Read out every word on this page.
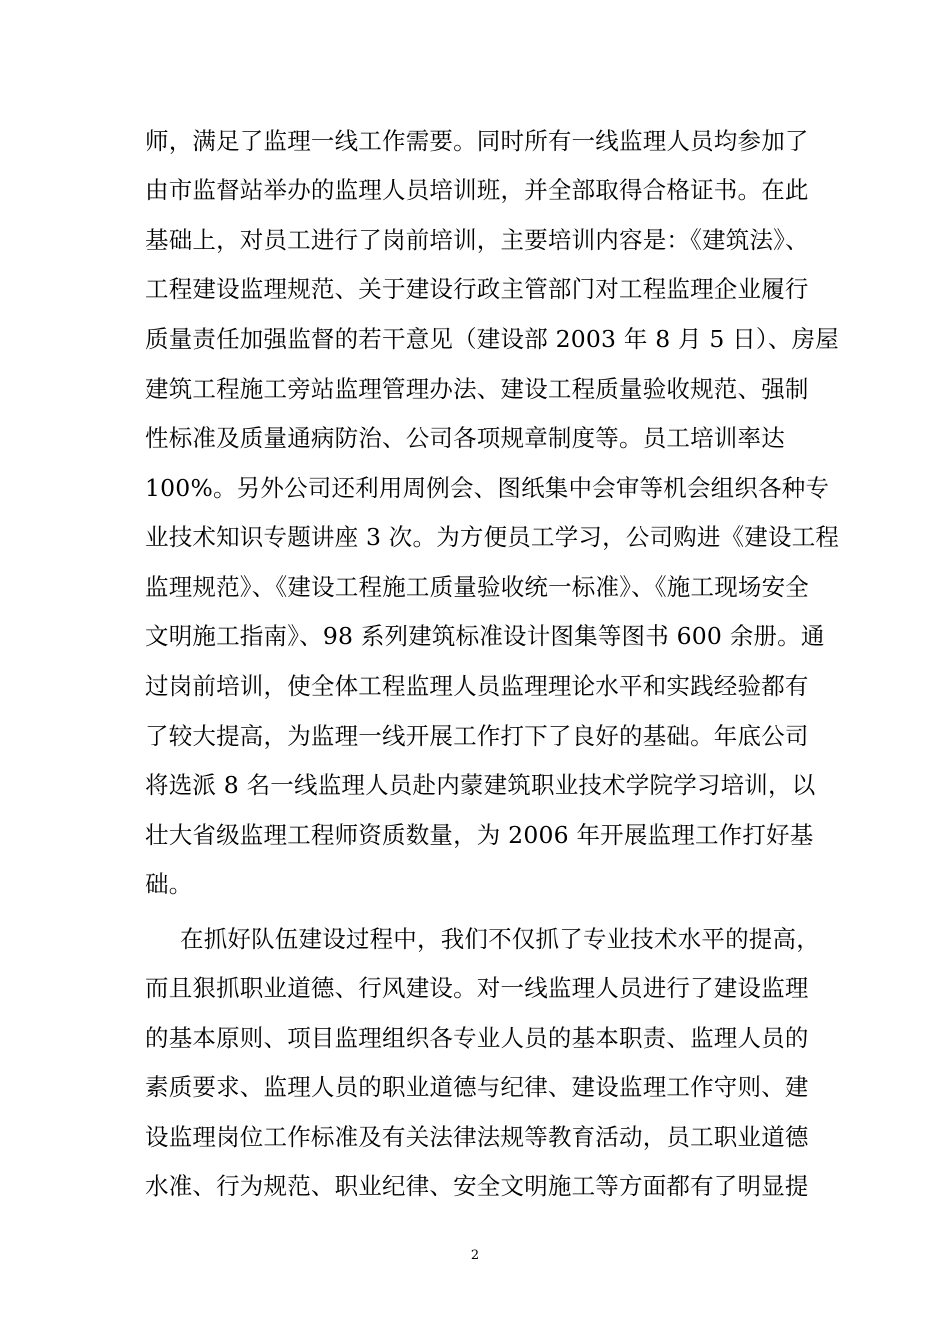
师，满足了监理一线工作需要。同时所有一线监理人员均参加了
由市监督站举办的监理人员培训班，并全部取得合格证书。在此
基础上，对员工进行了岗前培训，主要培训内容是：《建筑法》、
工程建设监理规范、关于建设行政主管部门对工程监理企业履行
质量责任加强监督的若干意见（建设部 2003 年 8 月 5 日）、房屋
建筑工程施工旁站监理管理办法、建设工程质量验收规范、强制
性标准及质量通病防治、公司各项规章制度等。员工培训率达
100%。另外公司还利用周例会、图纸集中会审等机会组织各种专
业技术知识专题讲座 3 次。为方便员工学习，公司购进《建设工程
监理规范》、《建设工程施工质量验收统一标准》、《施工现场安全
文明施工指南》、98 系列建筑标准设计图集等图书 600 余册。通
过岗前培训，使全体工程监理人员监理理论水平和实践经验都有
了较大提高，为监理一线开展工作打下了良好的基础。年底公司
将选派 8 名一线监理人员赴内蒙建筑职业技术学院学习培训，以
壮大省级监理工程师资质数量，为 2006 年开展监理工作打好基
础。
在抓好队伍建设过程中，我们不仅抓了专业技术水平的提高，
而且狠抓职业道德、行风建设。对一线监理人员进行了建设监理
的基本原则、项目监理组织各专业人员的基本职责、监理人员的
素质要求、监理人员的职业道德与纪律、建设监理工作守则、建
设监理岗位工作标准及有关法律法规等教育活动，员工职业道德
水准、行为规范、职业纪律、安全文明施工等方面都有了明显提
2
